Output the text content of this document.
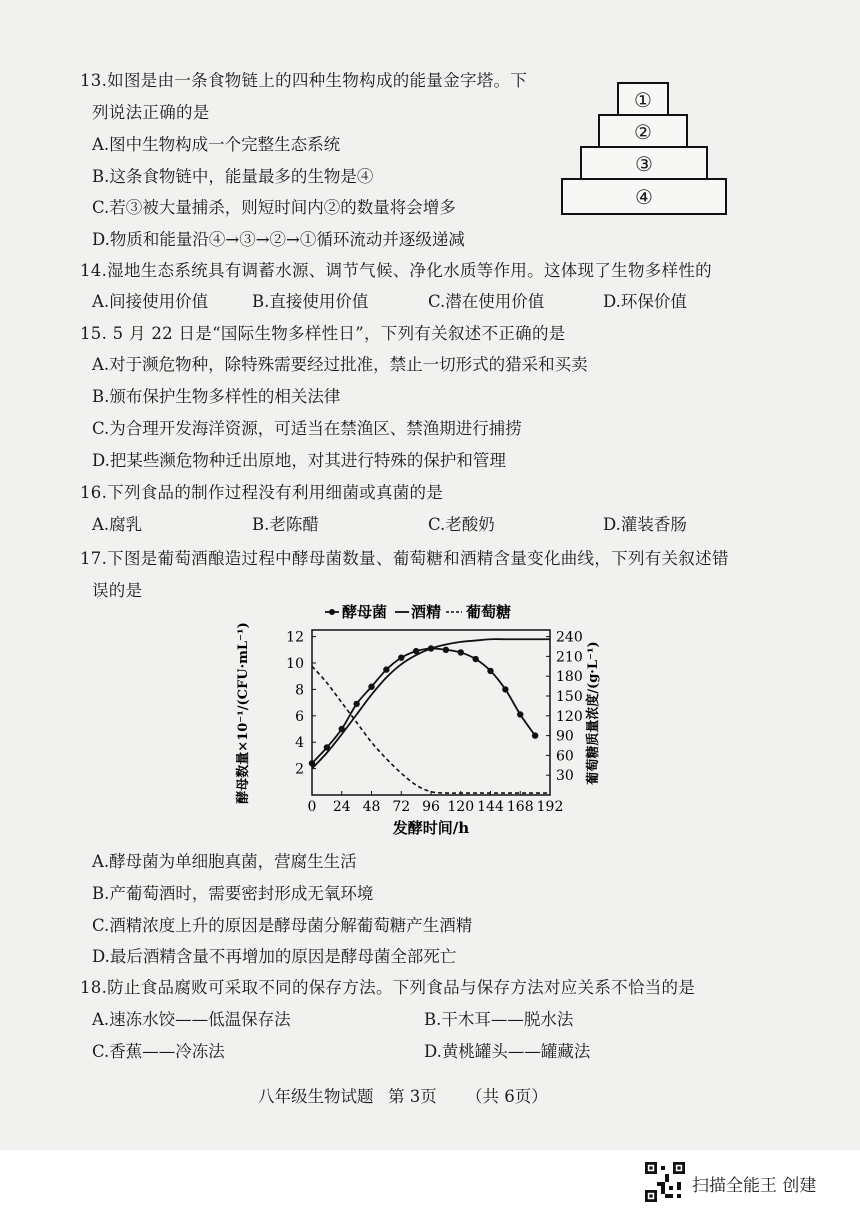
13.如图是由一条食物链上的四种生物构成的能量金字塔。下
列说法正确的是
A.图中生物构成一个完整生态系统
B.这条食物链中，能量最多的生物是④
C.若③被大量捕杀，则短时间内②的数量将会增多
D.物质和能量沿④→③→②→①循环流动并逐级递减
①
②
③
④
14.湿地生态系统具有调蓄水源、调节气候、净化水质等作用。这体现了生物多样性的
A.间接使用价值	B.直接使用价值	C.潜在使用价值	D.环保价值
15. 5 月 22 日是“国际生物多样性日”，下列有关叙述不正确的是
A.对于濒危物种，除特殊需要经过批准，禁止一切形式的猎采和买卖
B.颁布保护生物多样性的相关法律
C.为合理开发海洋资源，可适当在禁渔区、禁渔期进行捕捞
D.把某些濒危物种迁出原地，对其进行特殊的保护和管理
16.下列食品的制作过程没有利用细菌或真菌的是
A.腐乳	B.老陈醋	C.老酸奶	D.灌装香肠
17.下图是葡萄酒酿造过程中酵母菌数量、葡萄糖和酒精含量变化曲线，下列有关叙述错
误的是
酵母菌 酒精 葡萄糖
0 24 48 72 96 120 144 168 192
2
4
6
8
10
12
30
60
90
120
150
180
210
240
发酵时间/h
酵母数量×10⁻¹/(CFU·mL⁻¹)	葡萄糖质量浓度/(g·L⁻¹)
A.酵母菌为单细胞真菌，营腐生生活
B.产葡萄酒时，需要密封形成无氧环境
C.酒精浓度上升的原因是酵母菌分解葡萄糖产生酒精
D.最后酒精含量不再增加的原因是酵母菌全部死亡
18.防止食品腐败可采取不同的保存方法。下列食品与保存方法对应关系不恰当的是
A.速冻水饺——低温保存法	B.干木耳——脱水法
C.香蕉——冷冻法	D.黄桃罐头——罐藏法
八年级生物试题 第 3页 （共 6页）
扫描全能王 创建
